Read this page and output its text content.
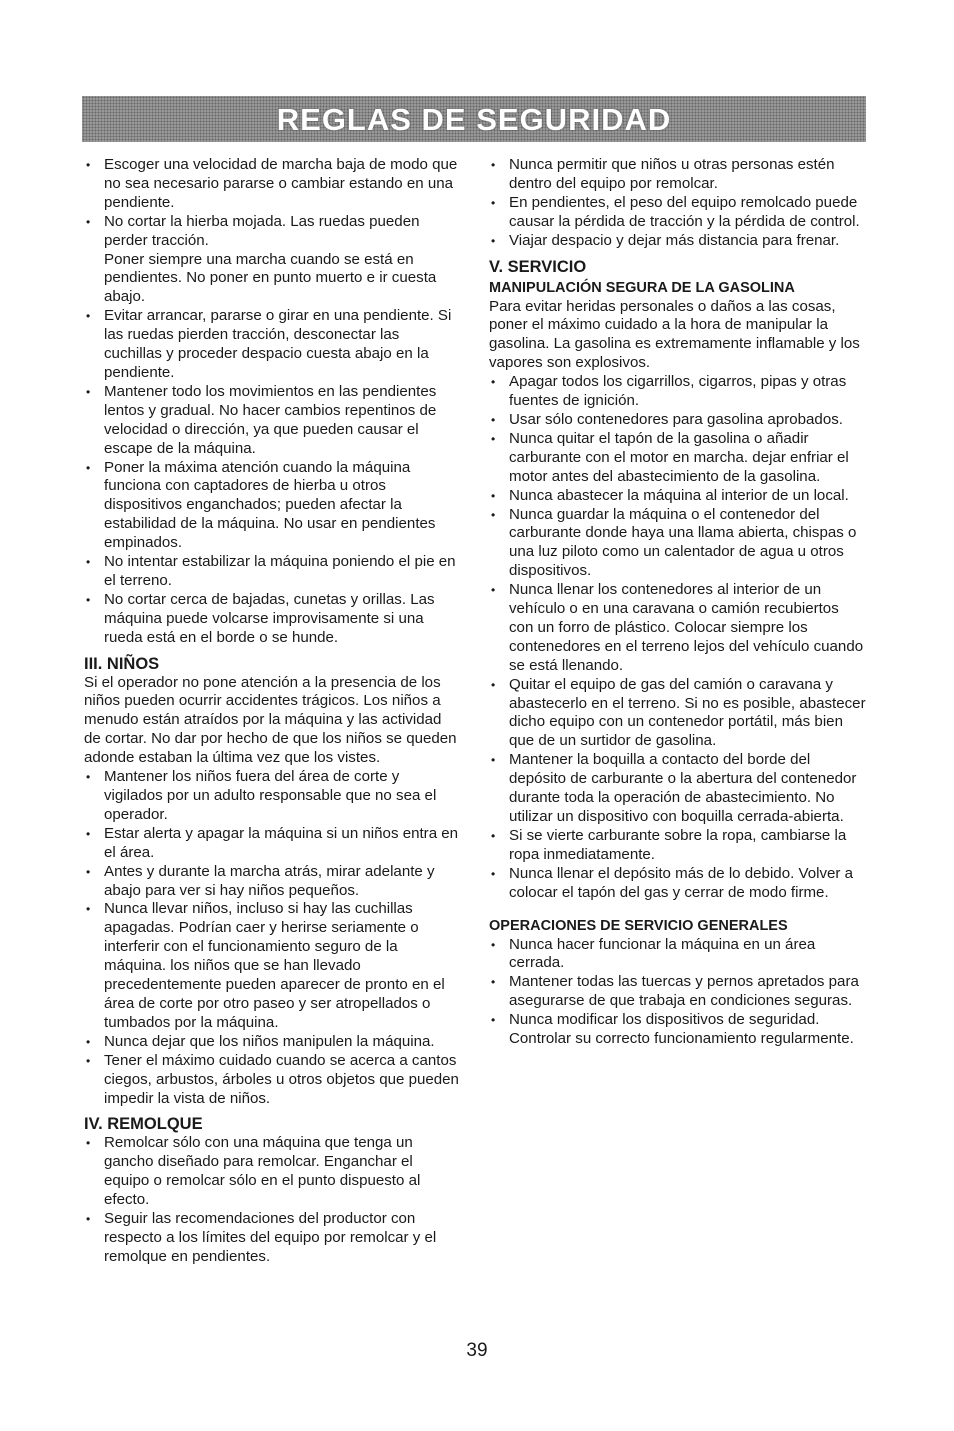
REGLAS DE SEGURIDAD
• Escoger una velocidad de marcha baja de modo que no sea necesario pararse o cambiar estando en una pendiente.
• No cortar la hierba mojada. Las ruedas pueden perder tracción.

Poner siempre una marcha cuando se está en pendientes. No poner en punto muerto e ir cuesta abajo.

• Evitar arrancar, pararse o girar en una pendiente. Si las ruedas pierden tracción, desconectar las cuchillas y proceder despacio cuesta abajo en la pendiente.
• Mantener todo los movimientos en las pendientes lentos y gradual. No hacer cambios repentinos de velocidad o dirección, ya que pueden causar el escape de la máquina.
• Poner la máxima atención cuando la máquina funciona con captadores de hierba u otros dispositivos enganchados; pueden afectar la estabilidad de la máquina. No usar en pendientes empinados.
• No intentar estabilizar la máquina poniendo el pie en el terreno.
• No cortar cerca de bajadas, cunetas y orillas. Las máquina puede volcarse improvisamente si una rueda está en el borde o se hunde.
III. NIÑOS

Si el operador no pone atención a la presencia de los niños pueden ocurrir accidentes trágicos. Los niños a menudo están atraídos por la máquina y las actividad de cortar. No dar por hecho de que los niños se queden adonde estaban la última vez que los vistes.

• Mantener los niños fuera del área de corte y vigilados por un adulto responsable que no sea el operador.
• Estar alerta y apagar la máquina si un niños entra en el área.
• Antes y durante la marcha atrás, mirar adelante y abajo para ver si hay niños pequeños.
• Nunca llevar niños, incluso si hay las cuchillas apagadas. Podrían caer y herirse seriamente o interferir con el funcionamiento seguro de la máquina. los niños que se han llevado precedentemente pueden aparecer de pronto en el área de corte por otro paseo y ser atropellados o tumbados por la máquina.
• Nunca dejar que los niños manipulen la máquina.
• Tener el máximo cuidado cuando se acerca a cantos ciegos, arbustos, árboles u otros objetos que pueden impedir la vista de niños.
IV. REMOLQUE
• Remolcar sólo con una máquina que tenga un gancho diseñado para remolcar. Enganchar el equipo o remolcar sólo en el punto dispuesto al efecto.
• Seguir las recomendaciones del productor con respecto a los límites del equipo por remolcar y el remolque en pendientes.
• Nunca permitir que niños u otras personas estén dentro del equipo por remolcar.
• En pendientes, el peso del equipo remolcado puede causar la pérdida de tracción y la pérdida de control.
• Viajar despacio y dejar más distancia para frenar.
V. SERVICIO
MANIPULACIÓN SEGURA DE LA GASOLINA

Para evitar heridas personales o daños a las cosas, poner el máximo cuidado a la hora de manipular la gasolina. La gasolina es extremamente inflamable y los vapores son explosivos.

• Apagar todos los cigarrillos, cigarros, pipas y otras fuentes de ignición.
• Usar sólo contenedores para gasolina aprobados.
• Nunca quitar el tapón de la gasolina o añadir carburante con el motor en marcha. dejar enfriar el motor antes del abastecimiento de la gasolina.
• Nunca abastecer la máquina al interior de un local.
• Nunca guardar la máquina o el contenedor del carburante donde haya una llama abierta, chispas o una luz piloto como un calentador de agua u otros dispositivos.
• Nunca llenar los contenedores al interior de un vehículo o en una caravana o camión recubiertos con un forro de plástico. Colocar siempre los contenedores en el terreno lejos del vehículo cuando se está llenando.
• Quitar el equipo de gas del camión o caravana y abastecerlo en el terreno. Si no es posible, abastecer dicho equipo con un contenedor portátil, más bien que de un surtidor de gasolina.
• Mantener la boquilla a contacto del borde del depósito de carburante o la abertura del contenedor durante toda la operación de abastecimiento. No utilizar un dispositivo con boquilla cerrada-abierta.
• Si se vierte carburante sobre la ropa, cambiarse la ropa inmediatamente.
• Nunca llenar el depósito más de lo debido. Volver a colocar el tapón del gas y cerrar de modo firme.
OPERACIONES DE SERVICIO GENERALES
• Nunca hacer funcionar la máquina en un área cerrada.
• Mantener todas las tuercas y pernos apretados para asegurarse de que trabaja en condiciones seguras.
• Nunca modificar los dispositivos de seguridad. Controlar su correcto funcionamiento regularmente.
39
